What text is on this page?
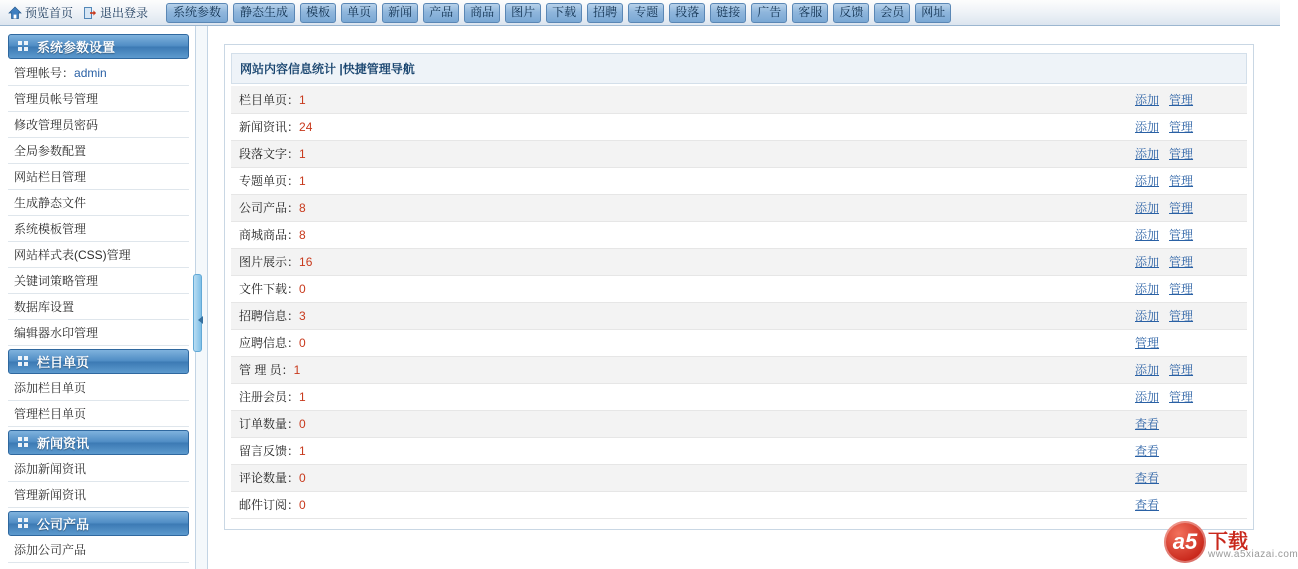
预览首页 退出登录	系统参数	静态生成	模板	单页	新闻	产品	商品	图片	下载	招聘	专题	段落	链接	广告	客服	反馈	会员	网址
系统参数设置
管理帐号：admin
管理员帐号管理
修改管理员密码
全局参数配置
网站栏目管理
生成静态文件
系统模板管理
网站样式表(CSS)管理
关键词策略管理
数据库设置
编辑器水印管理
栏目单页
添加栏目单页
管理栏目单页
新闻资讯
添加新闻资讯
管理新闻资讯
公司产品
添加公司产品
网站内容信息统计 |快捷管理导航
栏目单页：1	添加 管理
新闻资讯：24	添加 管理
段落文字：1	添加 管理
专题单页：1	添加 管理
公司产品：8	添加 管理
商城商品：8	添加 管理
图片展示：16	添加 管理
文件下载：0	添加 管理
招聘信息：3	添加 管理
应聘信息：0	管理
管 理 员：1	添加 管理
注册会员：1	添加 管理
订单数量：0	查看
留言反馈：1	查看
评论数量：0	查看
邮件订阅：0	查看
a5 下载
www.a5xiazai.com
